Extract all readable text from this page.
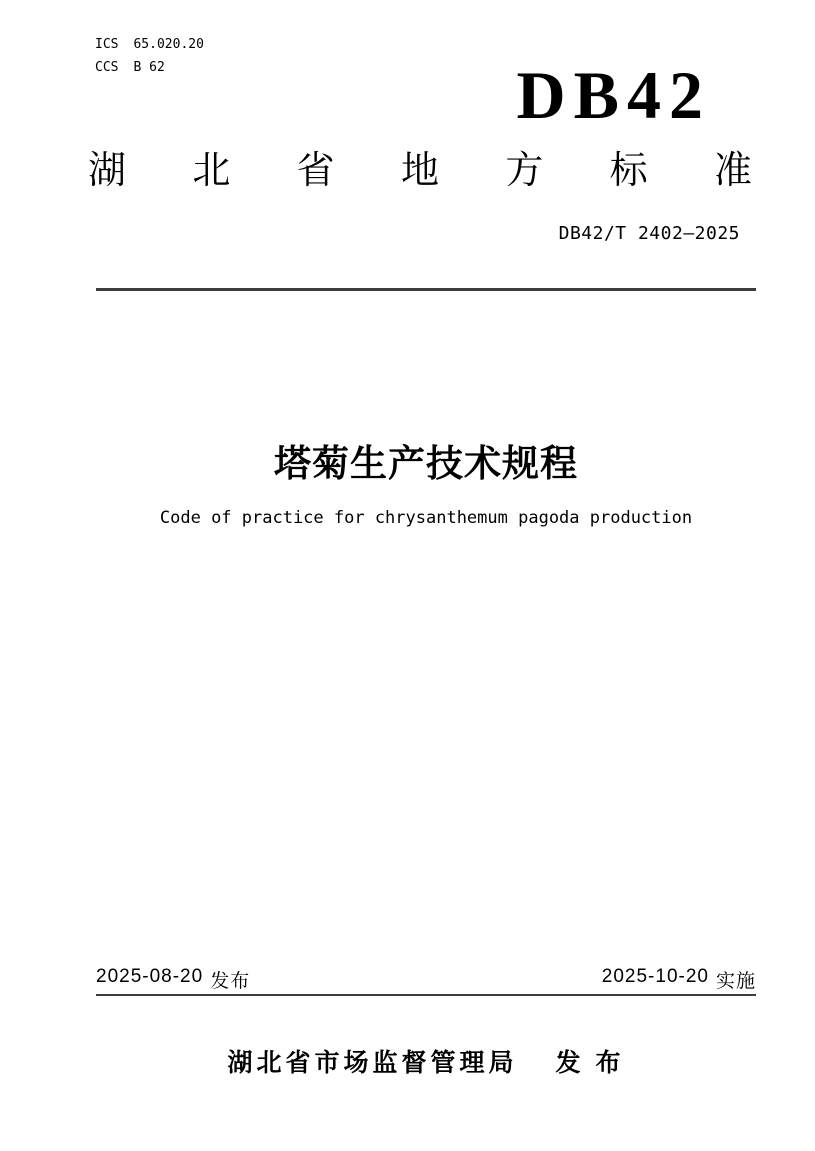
ICS 65.020.20
CCS B 62	DB42
湖 北 省 地 方 标 准
DB42/T 2402—2025
塔菊生产技术规程
Code of practice for chrysanthemum pagoda production
2025-08-20 发布	2025-10-20 实施
湖北省市场监督管理局 发 布
